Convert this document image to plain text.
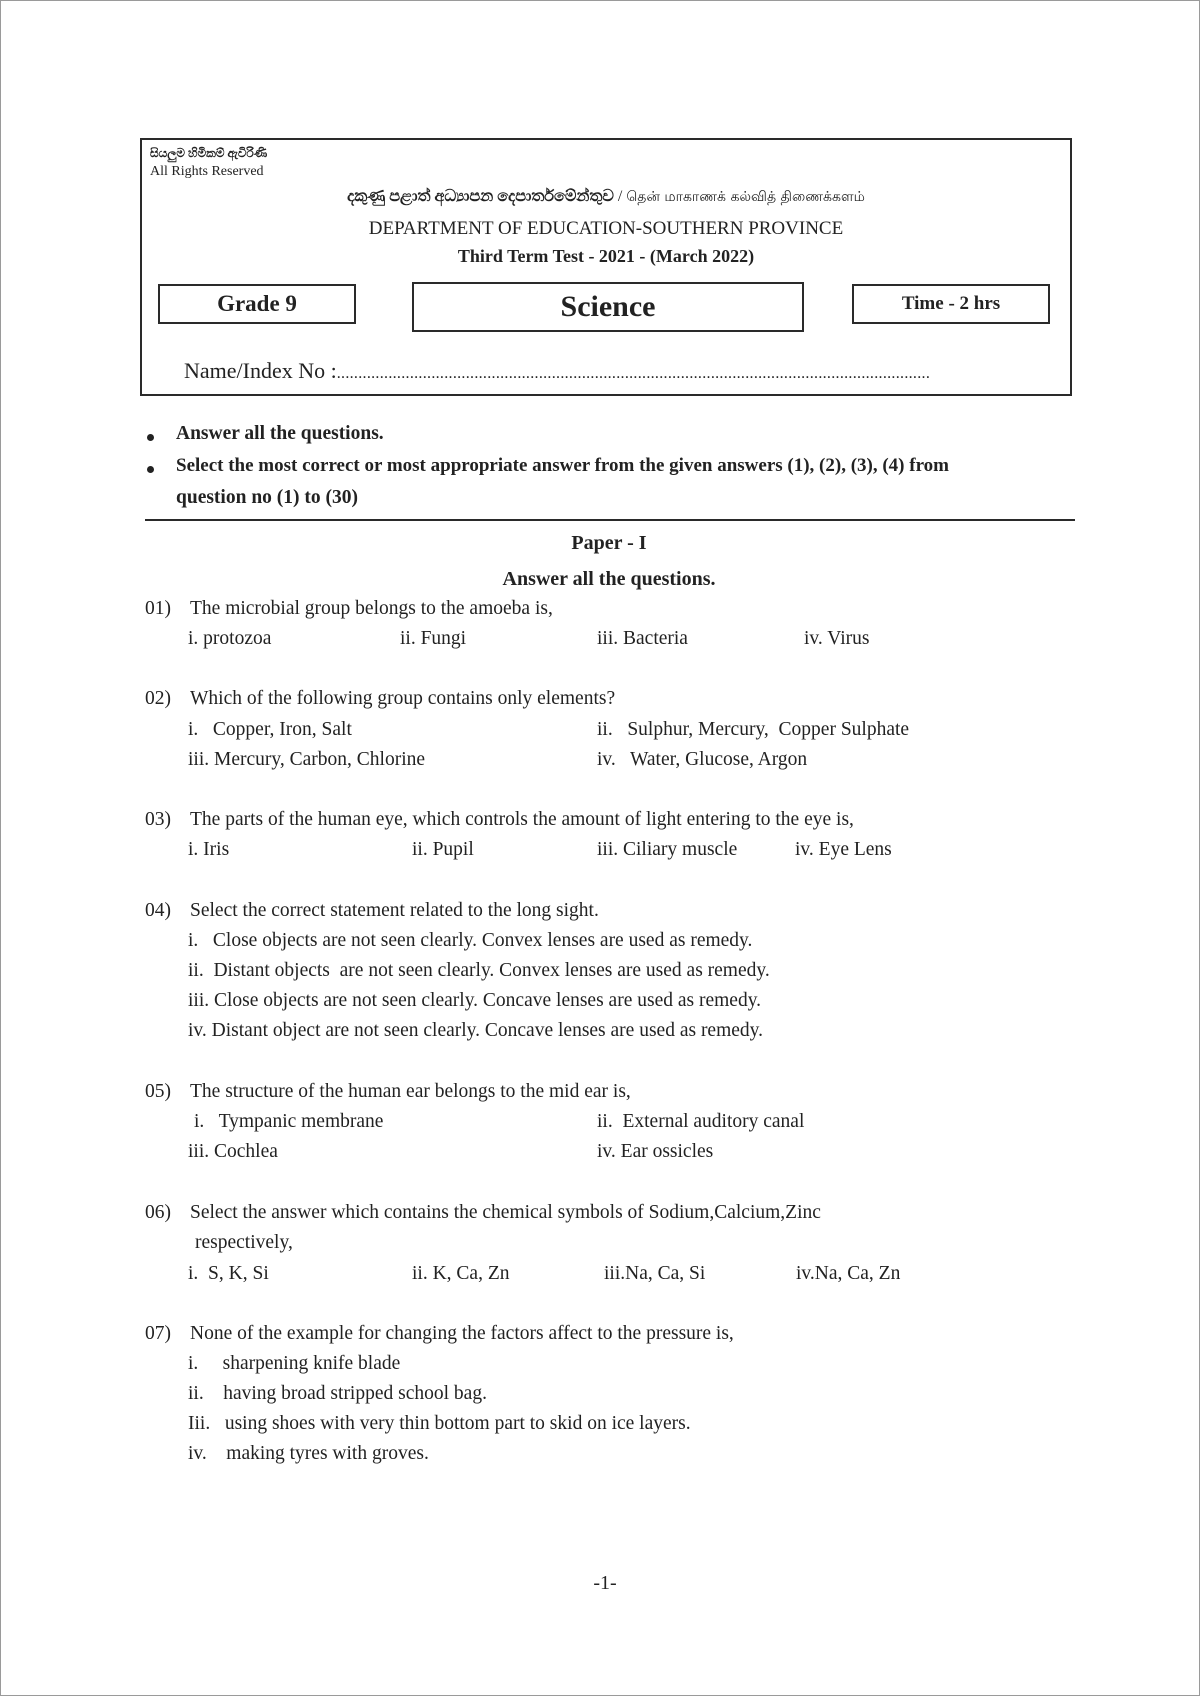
සියලුම හිමිකම් ඇවිරිණි
All Rights Reserved
දකුණු පළාත් අධ්‍යාපන දෙපාර්තමේන්තුව / தென் மாகாணக் கல்வித் திணைக்களம்
DEPARTMENT OF EDUCATION-SOUTHERN PROVINCE
Third Term Test - 2021 - (March 2022)
Grade 9	Science	Time - 2 hrs
Name/Index No :..........................................................................................................................................
Answer all the questions.
Select the most correct or most appropriate answer from the given answers (1), (2), (3), (4) from
question no (1) to (30)
Paper - I
Answer all the questions.
01) The microbial group belongs to the amoeba is,
i. protozoa	ii. Fungi	iii. Bacteria	iv. Virus
02) Which of the following group contains only elements?
i.   Copper, Iron, Salt	ii.   Sulphur, Mercury,  Copper Sulphate
iii. Mercury, Carbon, Chlorine	iv.   Water, Glucose, Argon
03) The parts of the human eye, which controls the amount of light entering to the eye is,
i. Iris	ii. Pupil	iii. Ciliary muscle	iv. Eye Lens
04) Select the correct statement related to the long sight.
i.   Close objects are not seen clearly. Convex lenses are used as remedy.
ii.  Distant objects  are not seen clearly. Convex lenses are used as remedy.
iii. Close objects are not seen clearly. Concave lenses are used as remedy.
iv. Distant object are not seen clearly. Concave lenses are used as remedy.
05) The structure of the human ear belongs to the mid ear is,
i.   Tympanic membrane	ii.  External auditory canal
iii. Cochlea	iv. Ear ossicles
06) Select the answer which contains the chemical symbols of Sodium,Calcium,Zinc
respectively,
i.  S, K, Si	ii. K, Ca, Zn	iii.Na, Ca, Si	iv.Na, Ca, Zn
07) None of the example for changing the factors affect to the pressure is,
i.     sharpening knife blade
ii.    having broad stripped school bag.
Iii.   using shoes with very thin bottom part to skid on ice layers.
iv.    making tyres with groves.
-1-
